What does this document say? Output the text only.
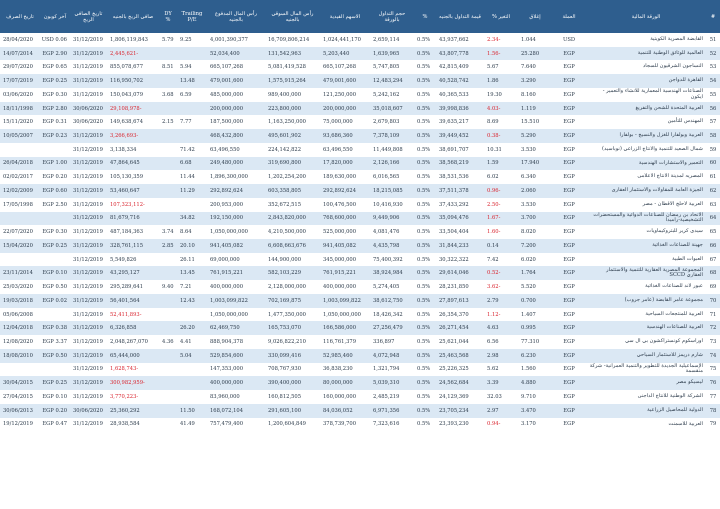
#	الورقة المالية	العملة	إغلاق	التغير %	قيمة التداول بالجنيه	%	حجم التداول بالورقة	الاسهم القيدية	رأس المال السوقي بالجنيه	رأس المال المدفوع بالجنيه	Trailing P/E	DY %	صافي الربح بالجنيه	تاريخ الصافي الربح	آخر كوبون	تاريخ الصرف
51	القابضة المصرية الكويتية	USD	1.044	-2.34	43,937,662	0.5%	2,659,114	1,024,441,170	16,709,806,214	4,001,390,377	9.25	5.79	1,806,119,843	31/12/2019	USD 0.06	28/04/2020
52	العالمية للوثائق الوطنية للتنمية	EGP	25.280	-1.56	43,807,778	0.5%	1,639,965	5,203,440	131,542,963	52,034,400			-2,445,621	31/12/2019	EGP 2.90	14/07/2014
53	النساجون الشرقيون للسجاد	EGP	7.640	5.67	42,815,409	0.5%	5,747,805	665,107,268	5,081,419,528	665,107,268	5.94	8.51	855,078,677	31/12/2019	EGP 0.65	29/07/2020
54	القاهرة للدواجن	EGP	3.290	1.86	40,528,742	0.5%	12,483,294	479,001,600	1,575,915,264	479,001,600	13.48		116,950,702	31/12/2019	EGP 0.25	17/07/2019
55	الصناعات الهندسية المعمارية للانشاء والتعمير - ايكون	EGP	8.160	19.30	40,365,533	0.5%	5,242,162	121,250,000	989,400,000	485,000,000	6.59	3.68	150,043,079	31/12/2019	EGP 0.30	03/06/2020
56	العربية المتحدة للشحن والتفريغ	EGP	1.119	-4.03	39,998,836	0.5%	35,018,607	200,000,000	223,800,000	200,000,000			-29,108,978	30/06/2020	EGP 2.80	18/11/1998
57	المهندس للتأمين	EGP	15.510	8.69	39,635,217	0.5%	2,679,803	75,000,000	1,163,250,000	187,500,000	7.77	2.15	149,638,674	30/06/2020	EGP 0.31	15/11/2020
58	العربية وبولفارا للغزل والنسيج - بولفارا	EGP	5.290	-0.38	39,449,452	0.5%	7,378,109	93,686,360	495,601,902	468,432,800			-3,266,693	31/12/2019	EGP 0.23	10/05/2007
59	شمال الصعيد للتنمية والانتاج الزراعي (نوباسيد)	EGP	3.530	10.31	38,691,707	0.5%	11,449,808	63,496,550	224,142,822	63,496,550	71.42		3,138,334	31/12/2019		
60	التعمير والاستشارات الهندسية	EGP	17.940	1.59	38,568,219	0.5%	2,126,166	17,820,000	319,690,800	249,480,000	6.68		47,864,645	31/12/2019	EGP 1.00	26/04/2018
61	المصريه لمدينة الانتاج الاعلامى	EGP	6.340	6.02	38,531,536	0.5%	6,016,565	189,630,000	1,202,254,200	1,896,300,000	11.44		105,130,359	31/12/2019	EGP 0.20	02/02/2017
62	الجيزة العامة للمقاولات والاستثمار العقارى	EGP	2.060	-0.96	37,511,378	0.5%	18,215,085	292,892,624	603,358,805	292,892,624	11.29		53,460,647	31/12/2019	EGP 0.60	12/02/2009
63	العربية لاحلج الاقطان - مصر	EGP	3.530	-2.50	37,433,292	0.5%	10,416,930	100,476,500	352,672,515	200,953,000			-107,323,112	31/12/2019	EGP 2.50	17/05/1998
64	الاتحاد بن رمضان للصناعات الدوائية والمستحضرات التشخيصية-راميدا	EGP	3.700	-1.67	35,094,476	0.5%	9,449,906	768,600,000	2,843,820,000	192,150,000	34.82		81,679,716	31/12/2019		
65	سيدى كرير للبتروكيماويات	EGP	8.020	-1.60	33,504,404	0.5%	4,081,476	525,000,000	4,210,500,000	1,050,000,000	8.64	3.74	487,184,363	31/12/2019	EGP 0.30	22/07/2020
66	جهينة للصناعات الغذائية	EGP	7.200	0.14	31,844,233	0.5%	4,435,798	941,405,082	6,608,663,676	941,405,082	20.10	2.85	328,761,115	31/12/2019	EGP 0.25	15/04/2020
67	العبوات الطبية	EGP	6.020	7.42	30,322,322	0.5%	75,400,392	345,000,000	144,900,000	69,000,000	26.11		5,549,826	31/12/2019		
68	المجموعة المصرية العقارية للتنمية والاستثمار العقاري SCCD	EGP	1.764	-0.52	29,614,046	0.5%	38,924,984	761,915,221	582,103,229	761,915,221	13.45		43,295,127	31/12/2019	EGP 0.10	23/11/2014
69	عبور لاند للصناعات الغذائية	EGP	5.520	-3.62	28,231,850	0.5%	5,274,405	400,000,000	2,128,000,000	400,000,000	7.21	9.40	295,289,641	31/12/2019	EGP 0.50	25/03/2020
70	مجموعة عامر القابضة (عامر جروب)	EGP	0.700	2.79	27,897,613	0.5%	38,612,750	1,003,099,822	702,169,875	1,003,099,822	12.43		56,401,564	31/12/2019	EGP 0.02	19/03/2018
71	العربية للمنتجعات السياحية	EGP	1.407	-1.12	26,354,370	0.5%	18,426,342	1,050,000,000	1,477,350,000	1,050,000,000			-52,411,893	31/12/2019		05/06/2008
72	العربية للصناعات الهندسية	EGP	0.995	4.63	26,271,454	0.5%	27,256,479	166,586,000	165,753,070	62,469,750	26.20		6,326,858	31/12/2019	EGP 0.38	12/04/2018
73	اوراسكوم كونستراكشون بي ال سي	EGP	77.310	6.56	25,621,044	0.5%	336,897	116,761,379	9,026,822,210	888,904,378	4.41	4.36	2,048,267,070	31/12/2019	EGP 3.37	12/08/2020
74	شارم دريمز للاستثمار السياحي	EGP	6.230	2.98	25,463,568	0.5%	4,072,948	52,985,460	330,099,416	529,854,600	5.04		65,444,000	31/12/2019	EGP 0.50	18/08/2010
75	الإسماعيلية الجديدة للتطوير والتنمية العمرانية- شركة منقسمة	EGP	1.560	5.62	25,226,325	0.5%	1,321,794	36,838,230	708,767,930	147,353,000			-1,628,743	31/12/2019		
76	ليسيكو مصر	EGP	4.880	3.39	24,562,684	0.5%	5,039,310	80,000,000	390,400,000	400,000,000			-300,982,959	31/12/2019	EGP 0.25	30/04/2015
77	الشركة الوطنية للانتاج الداجنى	EGP	9.710	32.03	24,129,369	0.5%	2,485,219	160,000,000	160,812,505	83,960,000			-3,770,223	31/12/2019	EGP 0.10	27/04/2015
78	الدولية للمحاصيل الزراعية	EGP	3.470	2.97	23,705,234	0.5%	6,971,356	84,036,052	291,605,100	168,072,104	11.50		25,360,292	30/06/2020	EGP 0.20	30/06/2013
79	العربية للاسمنت	EGP	3.170	-0.94	23,393,230	0.5%	7,323,616	378,739,700	1,200,604,849	757,479,400	41.49		28,938,584	31/12/2019	EGP 0.47	19/12/2019
